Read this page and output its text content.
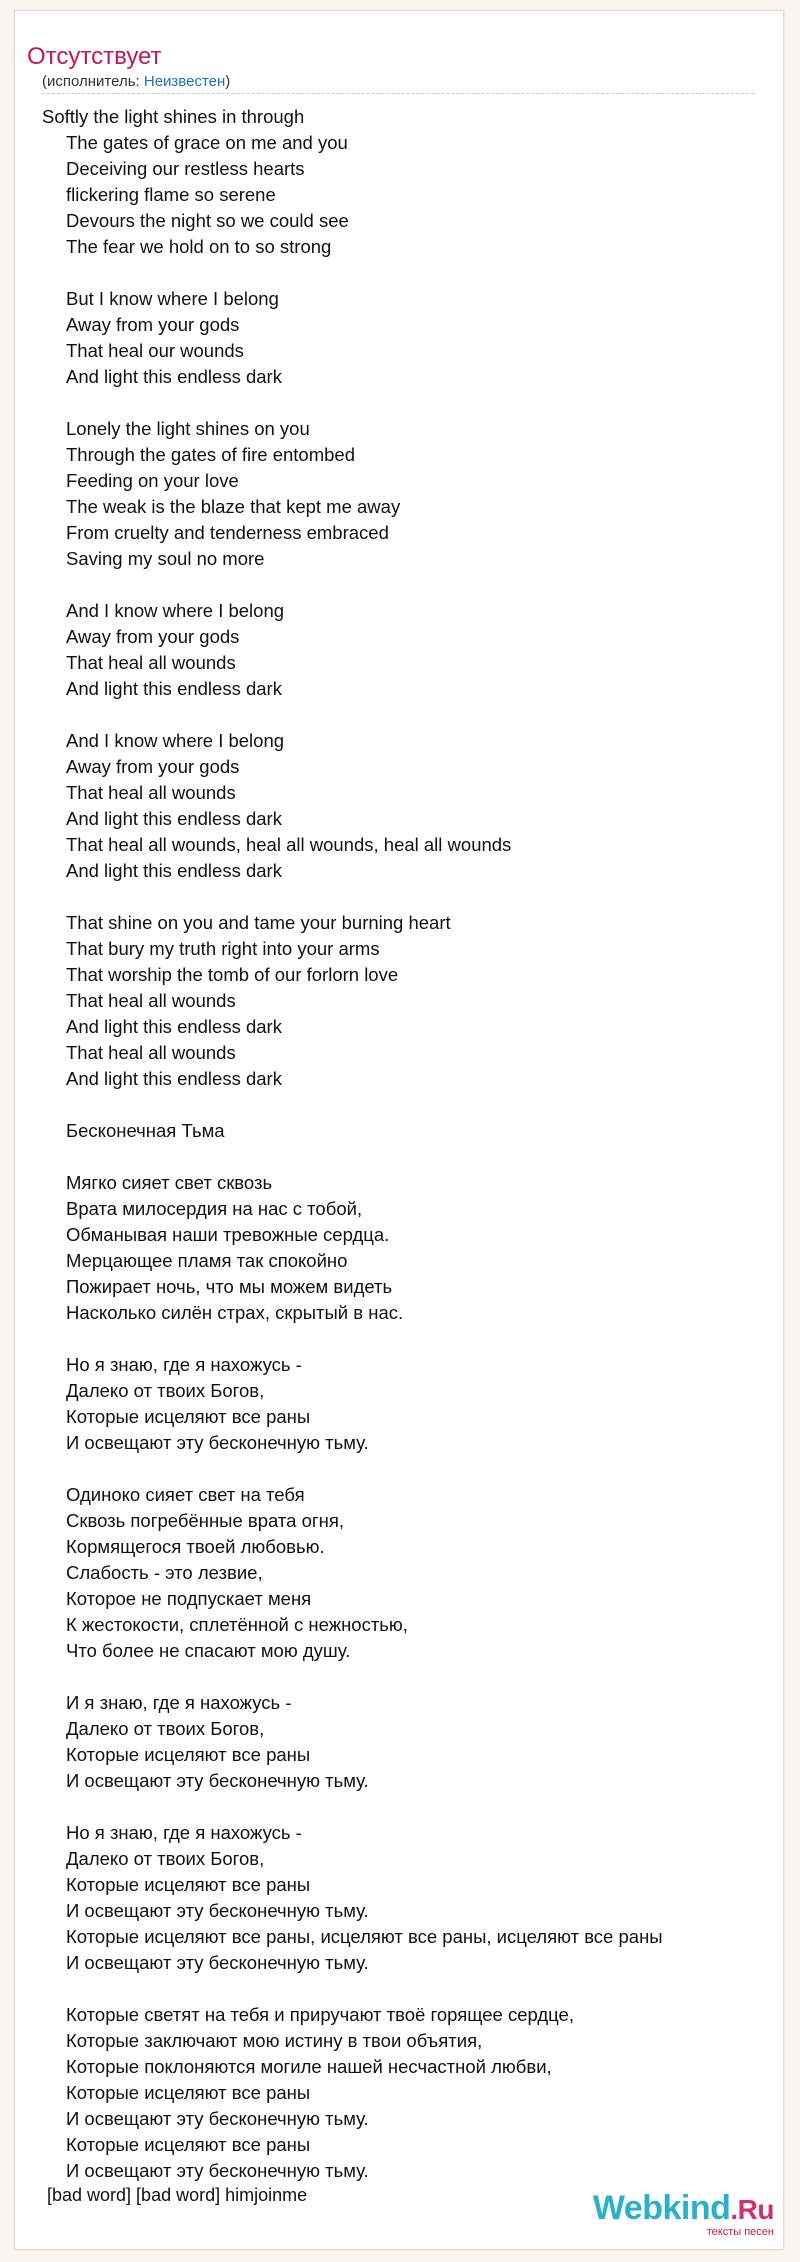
Отсутствует
(исполнитель: Неизвестен)
Softly the light shines in through
The gates of grace on me and you
Deceiving our restless hearts
flickering flame so serene
Devours the night so we could see
The fear we hold on to so strong
But I know where I belong
Away from your gods
That heal our wounds
And light this endless dark
Lonely the light shines on you
Through the gates of fire entombed
Feeding on your love
The weak is the blaze that kept me away
From cruelty and tenderness embraced
Saving my soul no more
And I know where I belong
Away from your gods
That heal all wounds
And light this endless dark
And I know where I belong
Away from your gods
That heal all wounds
And light this endless dark
That heal all wounds, heal all wounds, heal all wounds
And light this endless dark
That shine on you and tame your burning heart
That bury my truth right into your arms
That worship the tomb of our forlorn love
That heal all wounds
And light this endless dark
That heal all wounds
And light this endless dark
Бесконечная Тьма
Мягко сияет свет сквозь
Врата милосердия на нас с тобой,
Обманывая наши тревожные сердца.
Мерцающее пламя так спокойно
Пожирает ночь, что мы можем видеть
Насколько силён страх, скрытый в нас.
Но я знаю, где я нахожусь -
Далеко от твоих Богов,
Которые исцеляют все раны
И освещают эту бесконечную тьму.
Одиноко сияет свет на тебя
Сквозь погребённые врата огня,
Кормящегося твоей любовью.
Слабость - это лезвие,
Которое не подпускает меня
К жестокости, сплетённой с нежностью,
Что более не спасают мою душу.
И я знаю, где я нахожусь -
Далеко от твоих Богов,
Которые исцеляют все раны
И освещают эту бесконечную тьму.
Но я знаю, где я нахожусь -
Далеко от твоих Богов,
Которые исцеляют все раны
И освещают эту бесконечную тьму.
Которые исцеляют все раны, исцеляют все раны, исцеляют все раны
И освещают эту бесконечную тьму.
Которые светят на тебя и приручают твоё горящее сердце,
Которые заключают мою истину в твои объятия,
Которые поклоняются могиле нашей несчастной любви,
Которые исцеляют все раны
И освещают эту бесконечную тьму.
Которые исцеляют все раны
И освещают эту бесконечную тьму.
[bad word] [bad word] himjoinme	Webkind.Ru
тексты песен
